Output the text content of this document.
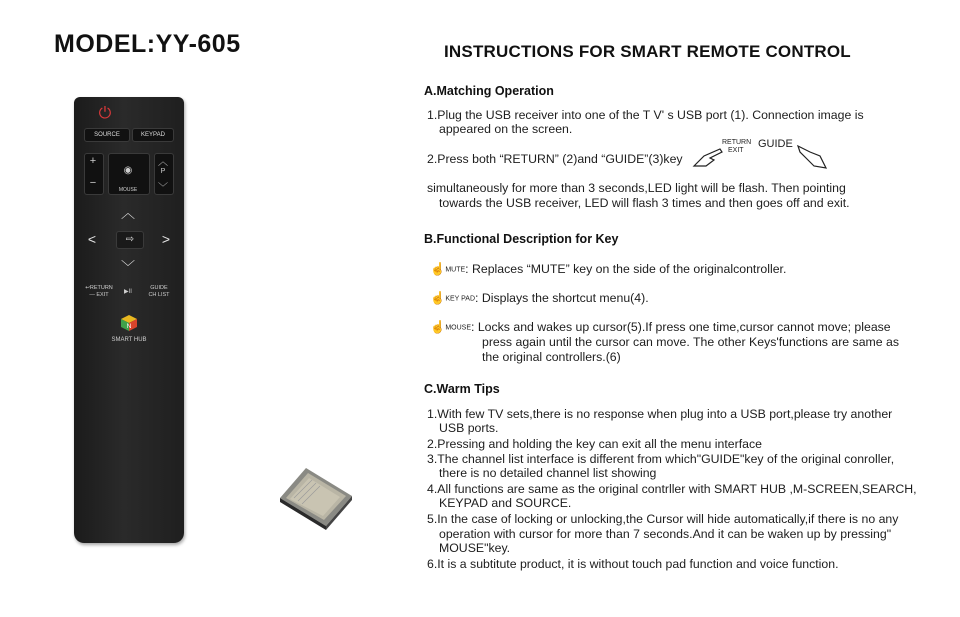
MODEL:YY-605
⏻
SOURCE	KEYPAD
+
−
◉
MOUSE
︿
P
﹀
︿
<	⇨	>
﹀
↩RETURN
— EXIT	▶II
GUIDE
CH LIST
N
SMART HUB
INSTRUCTIONS FOR SMART REMOTE CONTROL
A.Matching Operation
1.Plug the USB receiver into one of the T V' s USB port (1). Connection image is
appeared on the screen.
2.Press both “RETURN” (2)and “GUIDE”(3)key
RETURN
EXIT
GUIDE
simultaneously for more than 3 seconds,LED light will be flash. Then pointing
towards the USB receiver, LED will flash 3 times and then goes off and exit.
B.Functional Description for Key
☝MUTE: Replaces “MUTE” key on the side of the originalcontroller.
☝KEY PAD: Displays the shortcut menu(4).
☝MOUSE: Locks and wakes up cursor(5).If press one time,cursor cannot move; please
press again until the cursor can move. The other Keys'functions are same as
the original controllers.(6)
C.Warm Tips
1.With few TV sets,there is no response when plug into a USB port,please try another
USB ports.
2.Pressing and holding the key can exit all the menu interface
3.The channel list interface is different from which"GUIDE"key of the original conroller,
there is no detailed channel list showing
4.All functions are same as the original contrller with SMART HUB ,M-SCREEN,SEARCH,
KEYPAD and SOURCE.
5.In the case of locking or unlocking,the Cursor will hide automatically,if there is no any
operation with cursor for more than 7 seconds.And it can be waken up by pressing"
MOUSE"key.
6.It is a subtitute product, it is without touch pad function and voice function.
